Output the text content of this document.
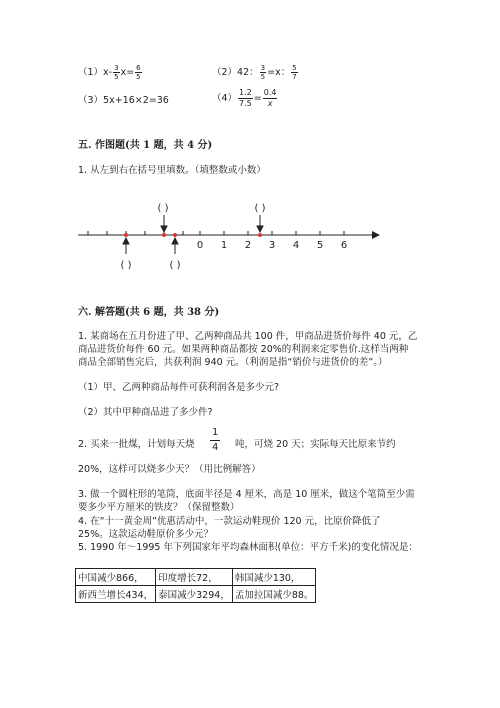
$(1)x- \frac{3}{5} x= \frac{6}{5}$	（2）42： $\frac{3}{5} =x$： $\frac{5}{7}$
（3）5x+16×2=36	$(4) \frac{1.2}{7.5} = \frac{0.4}{x}$
五. 作图题(共 1 题，共 4 分)
1. 从左到右在括号里填数。（填整数或小数）
0 1 2 3 4 5 6
( )	( )
( )	( )
六. 解答题(共 6 题，共 38 分)
1. 某商场在五月份进了甲、乙两种商品共 100 件，甲商品进货价每件 40 元，乙
商品进货价每件 60 元。如果两种商品都按 20%的利润来定零售价.这样当两种
商品全部销售完后，共获利润 940 元。（利润是指“销价与进货价的差”。）
（1）甲、乙两种商品每件可获利润各是多少元?
（2）其中甲种商品进了多少件?
2. 买来一批煤，计划每天烧 $\frac{1}{4}$ 吨，可烧 20 天；实际每天比原来节约
20%，这样可以烧多少天？（用比例解答）
3. 做一个圆柱形的笔筒，底面半径是 4 厘米，高是 10 厘米，做这个笔筒至少需
要多少平方厘米的铁皮？（保留整数）
4. 在“十一黄金周”优惠活动中，一款运动鞋现价 120 元，比原价降低了
25%。这款运动鞋原价多少元？
5. 1990 年～1995 年下列国家年平均森林面积(单位：平方千米)的变化情况是：
中国减少866，	印度增长72，	韩国减少130，
新西兰增长434，	泰国减少3294，	孟加拉国减少88。
